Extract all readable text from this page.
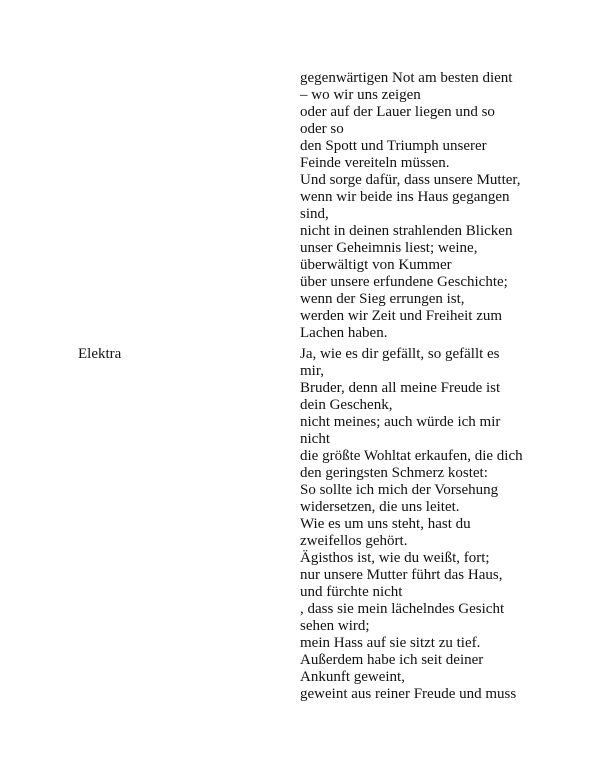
gegenwärtigen Not am besten dient
– wo wir uns zeigen
oder auf der Lauer liegen und so
oder so
den Spott und Triumph unserer
Feinde vereiteln müssen.
Und sorge dafür, dass unsere Mutter,
wenn wir beide ins Haus gegangen
sind,
nicht in deinen strahlenden Blicken
unser Geheimnis liest; weine,
überwältigt von Kummer
über unsere erfundene Geschichte;
wenn der Sieg errungen ist,
werden wir Zeit und Freiheit zum
Lachen haben.
Elektra	Ja, wie es dir gefällt, so gefällt es
mir,
Bruder, denn all meine Freude ist
dein Geschenk,
nicht meines; auch würde ich mir
nicht
die größte Wohltat erkaufen, die dich
den geringsten Schmerz kostet:
So sollte ich mich der Vorsehung
widersetzen, die uns leitet.
Wie es um uns steht, hast du
zweifellos gehört.
Ägisthos ist, wie du weißt, fort;
nur unsere Mutter führt das Haus,
und fürchte nicht
, dass sie mein lächelndes Gesicht
sehen wird;
mein Hass auf sie sitzt zu tief.
Außerdem habe ich seit deiner
Ankunft geweint,
geweint aus reiner Freude und muss
